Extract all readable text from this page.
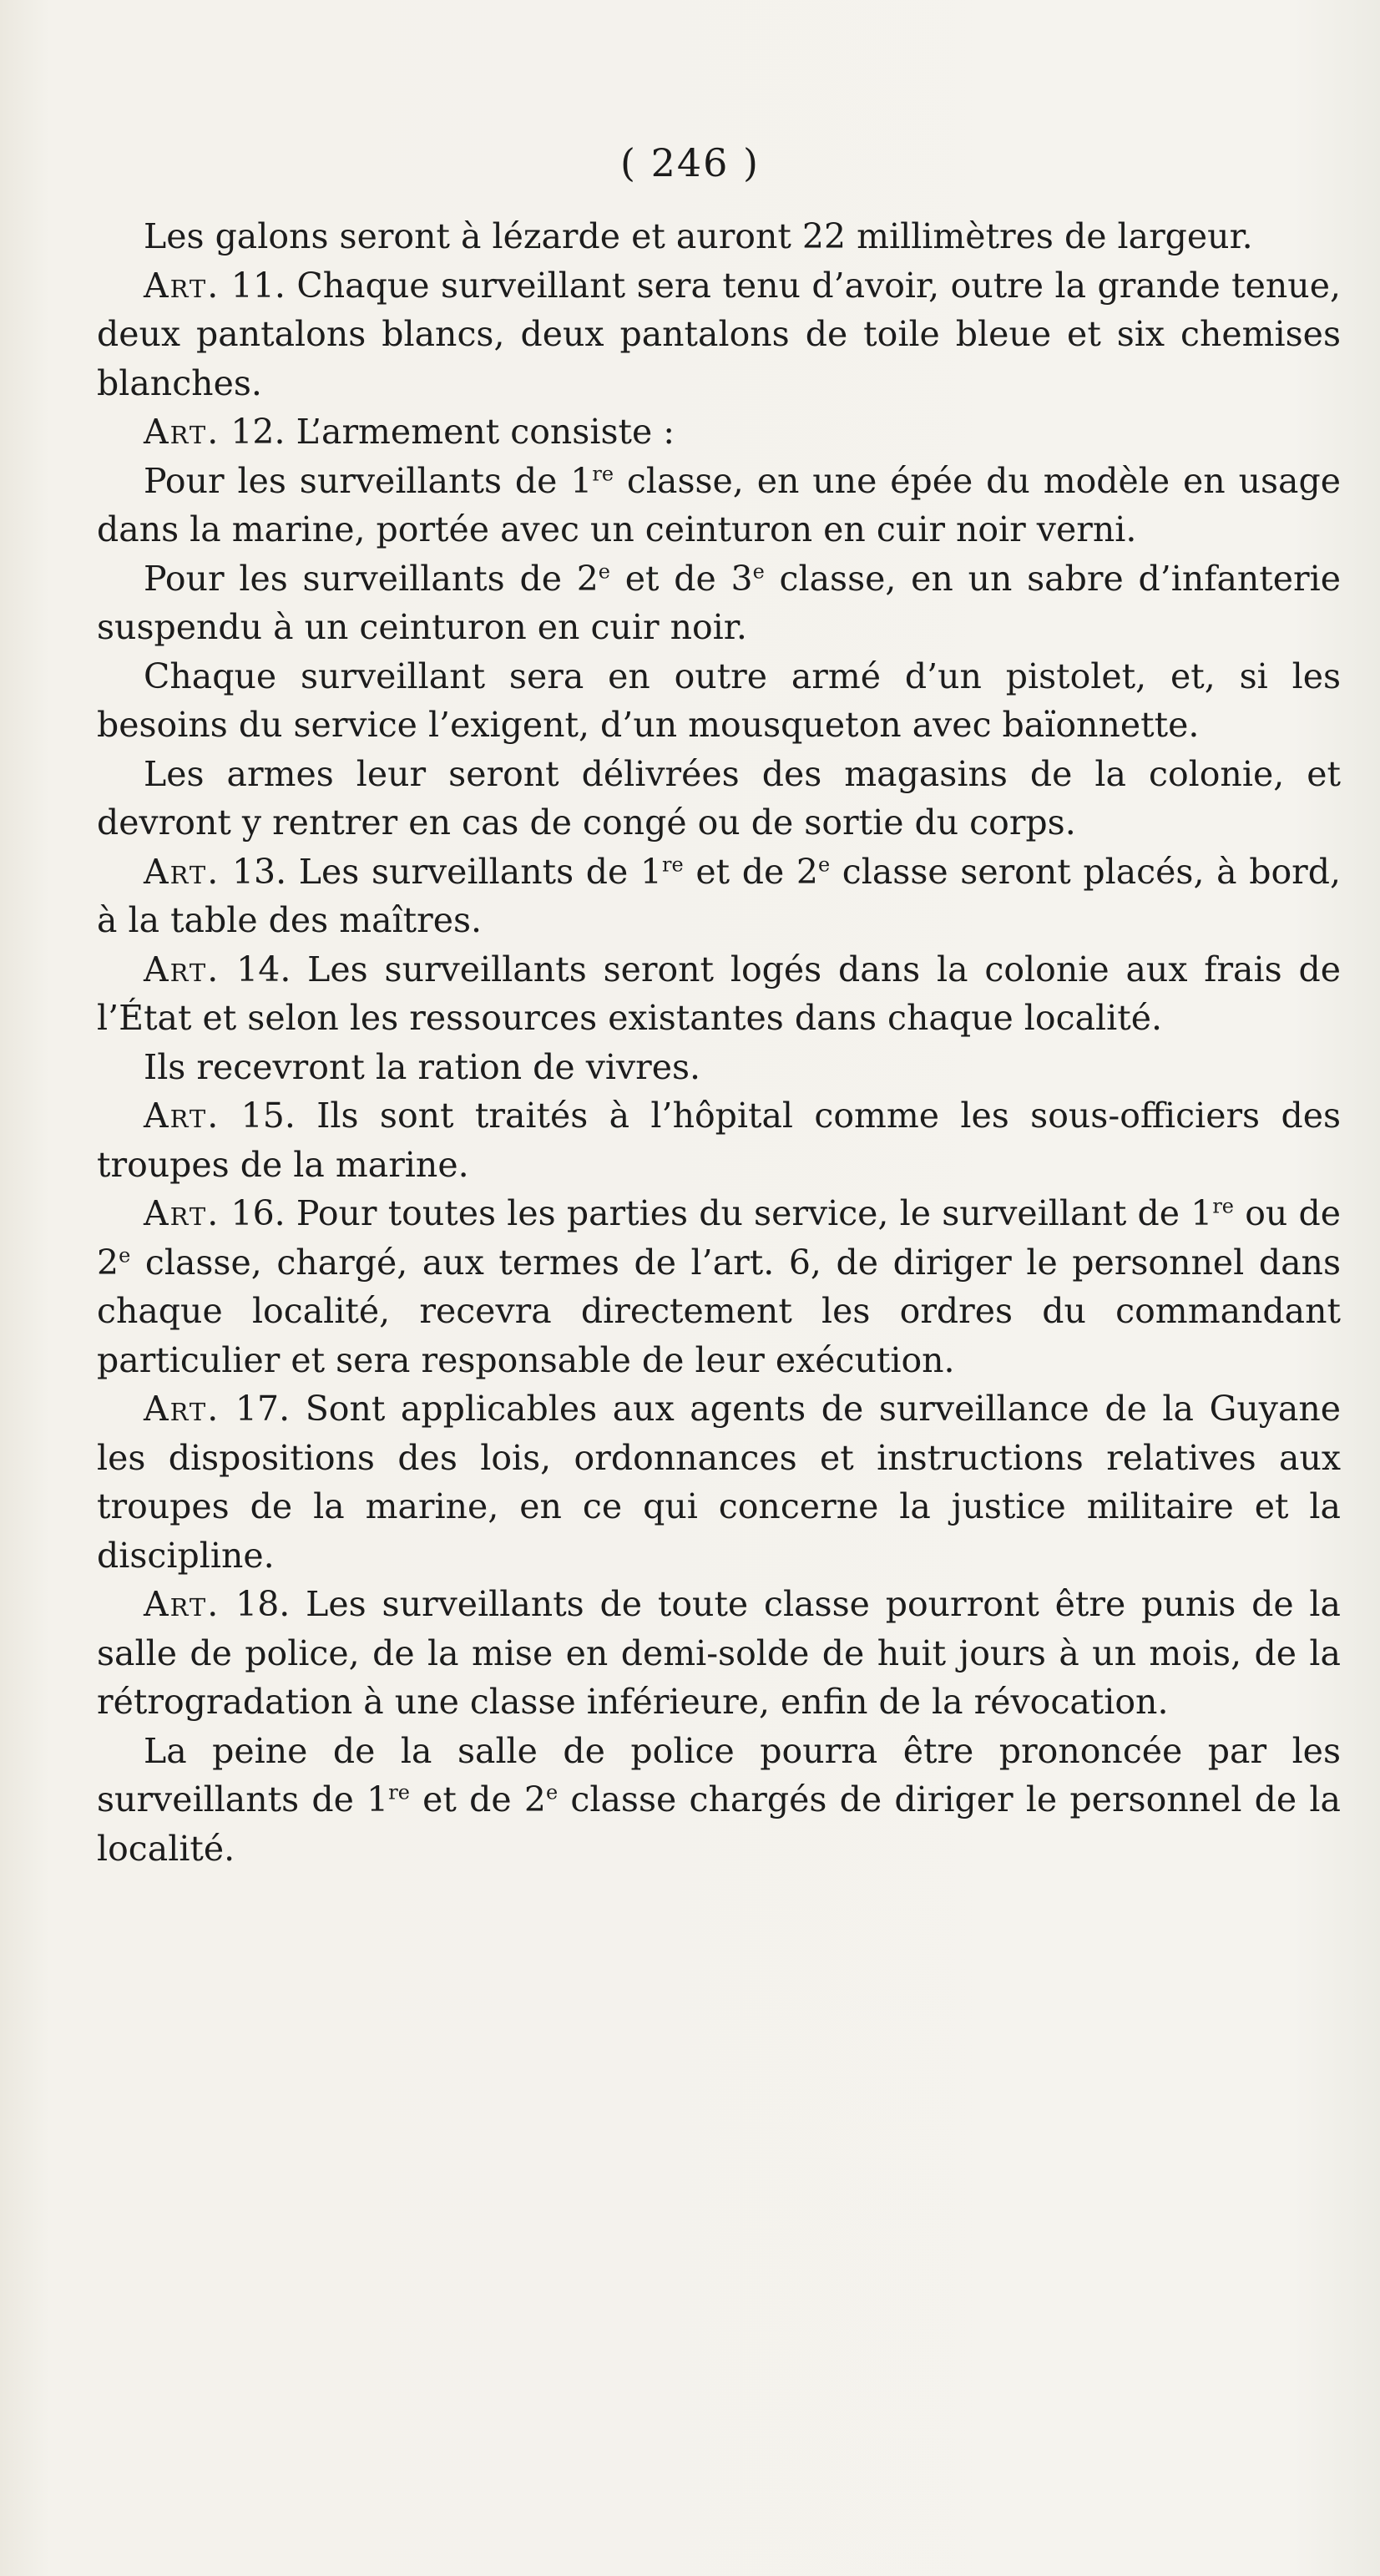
( 246 )

Les galons seront à lézarde et auront 22 millimètres de largeur.

Art. 11. Chaque surveillant sera tenu d’avoir, outre la grande tenue, deux pantalons blancs, deux pantalons de toile bleue et six chemises blanches.

Art. 12. L’armement consiste :

Pour les surveillants de 1re classe, en une épée du modèle en usage dans la marine, portée avec un ceinturon en cuir noir verni.

Pour les surveillants de 2e et de 3e classe, en un sabre d’infanterie suspendu à un ceinturon en cuir noir.

Chaque surveillant sera en outre armé d’un pistolet, et, si les besoins du service l’exigent, d’un mousqueton avec baïonnette.

Les armes leur seront délivrées des magasins de la colonie, et devront y rentrer en cas de congé ou de sortie du corps.

Art. 13. Les surveillants de 1re et de 2e classe seront placés, à bord, à la table des maîtres.

Art. 14. Les surveillants seront logés dans la colonie aux frais de l’État et selon les ressources existantes dans chaque localité.

Ils recevront la ration de vivres.

Art. 15. Ils sont traités à l’hôpital comme les sous-officiers des troupes de la marine.

Art. 16. Pour toutes les parties du service, le surveillant de 1re ou de 2e classe, chargé, aux termes de l’art. 6, de diriger le personnel dans chaque localité, recevra directement les ordres du commandant particulier et sera responsable de leur exécution.

Art. 17. Sont applicables aux agents de surveillance de la Guyane les dispositions des lois, ordonnances et instructions relatives aux troupes de la marine, en ce qui concerne la justice militaire et la discipline.

Art. 18. Les surveillants de toute classe pourront être punis de la salle de police, de la mise en demi-solde de huit jours à un mois, de la rétrogradation à une classe inférieure, enfin de la révocation.

La peine de la salle de police pourra être prononcée par les surveillants de 1re et de 2e classe chargés de diriger le personnel de la localité.
